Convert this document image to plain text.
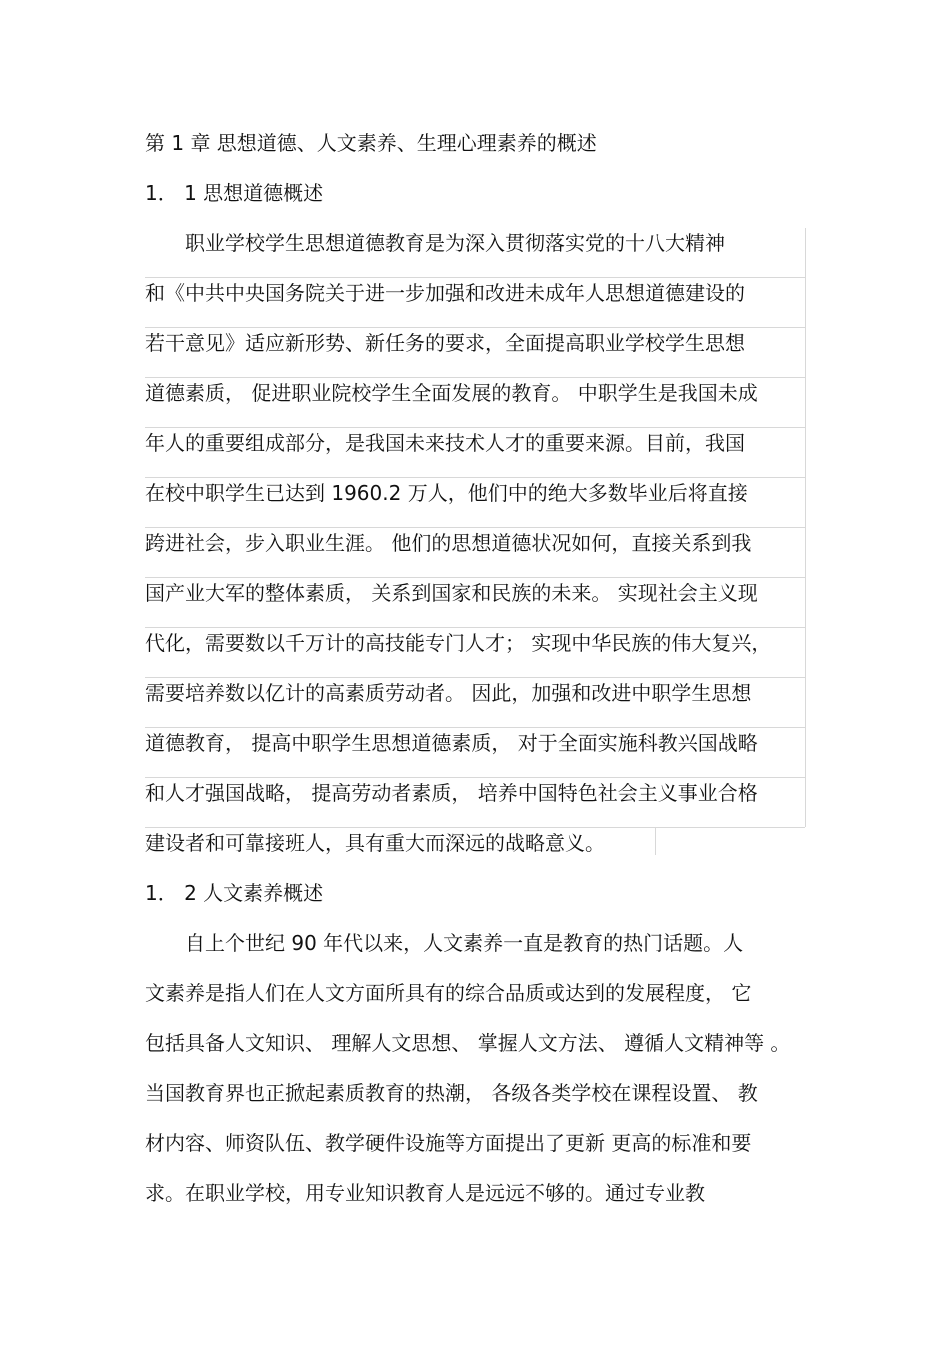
第 1 章 思想道德、人文素养、生理心理素养的概述

1． 1 思想道德概述

职业学校学生思想道德教育是为深入贯彻落实党的十八大精神

和《中共中央国务院关于进一步加强和改进未成年人思想道德建设的

若干意见》适应新形势、新任务的要求，全面提高职业学校学生思想

道德素质， 促进职业院校学生全面发展的教育。 中职学生是我国未成

年人的重要组成部分，是我国未来技术人才的重要来源。目前，我国

在校中职学生已达到 1960.2 万人，他们中的绝大多数毕业后将直接

跨进社会，步入职业生涯。 他们的思想道德状况如何，直接关系到我

国产业大军的整体素质， 关系到国家和民族的未来。 实现社会主义现

代化，需要数以千万计的高技能专门人才； 实现中华民族的伟大复兴，

需要培养数以亿计的高素质劳动者。 因此，加强和改进中职学生思想

道德教育， 提高中职学生思想道德素质， 对于全面实施科教兴国战略

和人才强国战略， 提高劳动者素质， 培养中国特色社会主义事业合格

建设者和可靠接班人，具有重大而深远的战略意义。

1． 2 人文素养概述

自上个世纪 90 年代以来，人文素养一直是教育的热门话题。人

文素养是指人们在人文方面所具有的综合品质或达到的发展程度， 它

包括具备人文知识、 理解人文思想、 掌握人文方法、 遵循人文精神等 。

当国教育界也正掀起素质教育的热潮， 各级各类学校在课程设置、 教

材内容、师资队伍、教学硬件设施等方面提出了更新 更高的标准和要

求。在职业学校，用专业知识教育人是远远不够的。通过专业教
